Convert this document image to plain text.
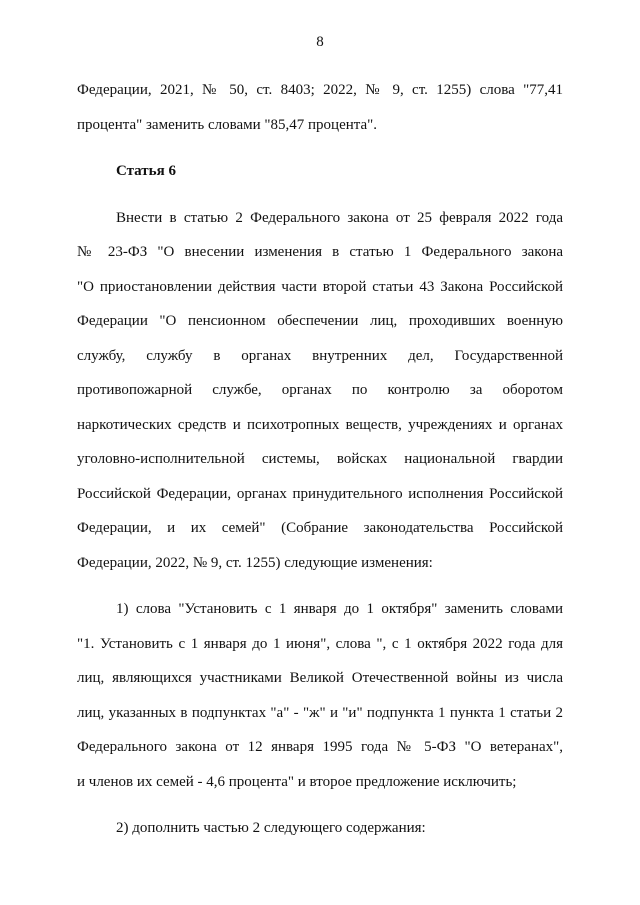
8
Федерации, 2021, № 50, ст. 8403; 2022, № 9, ст. 1255) слова "77,41
процента" заменить словами "85,47 процента".

Статья 6

Внести в статью 2 Федерального закона от 25 февраля 2022 года
№ 23-ФЗ "О внесении изменения в статью 1 Федерального закона
"О приостановлении действия части второй статьи 43 Закона Российской
Федерации "О пенсионном обеспечении лиц, проходивших военную
службу, службу в органах внутренних дел, Государственной
противопожарной службе, органах по контролю за оборотом
наркотических средств и психотропных веществ, учреждениях и органах
уголовно-исполнительной системы, войсках национальной гвардии
Российской Федерации, органах принудительного исполнения Российской
Федерации, и их семей" (Собрание законодательства Российской
Федерации, 2022, № 9, ст. 1255) следующие изменения:
1) слова "Установить с 1 января до 1 октября" заменить словами
"1. Установить с 1 января до 1 июня", слова ", с 1 октября 2022 года для
лиц, являющихся участниками Великой Отечественной войны из числа
лиц, указанных в подпунктах "а" - "ж" и "и" подпункта 1 пункта 1 статьи 2
Федерального закона от 12 января 1995 года № 5-ФЗ "О ветеранах",
и членов их семей - 4,6 процента" и второе предложение исключить;
2) дополнить частью 2 следующего содержания:
